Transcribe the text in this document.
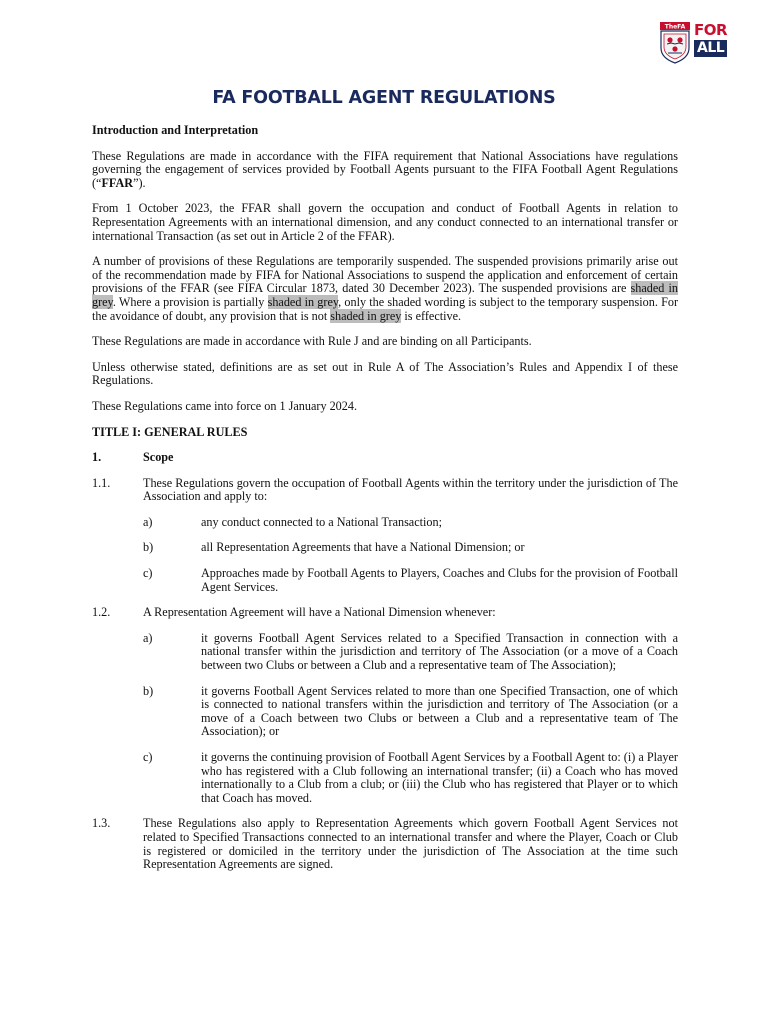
TheFA FOR
ALL
FA FOOTBALL AGENT REGULATIONS

Introduction and Interpretation

These Regulations are made in accordance with the FIFA requirement that National Associations have regulations governing the engagement of services provided by Football Agents pursuant to the FIFA Football Agent Regulations (“FFAR”).

From 1 October 2023, the FFAR shall govern the occupation and conduct of Football Agents in relation to Representation Agreements with an international dimension, and any conduct connected to an international transfer or international Transaction (as set out in Article 2 of the FFAR).

A number of provisions of these Regulations are temporarily suspended. The suspended provisions primarily arise out of the recommendation made by FIFA for National Associations to suspend the application and enforcement of certain provisions of the FFAR (see FIFA Circular 1873, dated 30 December 2023). The suspended provisions are shaded in grey. Where a provision is partially shaded in grey, only the shaded wording is subject to the temporary suspension. For the avoidance of doubt, any provision that is not shaded in grey is effective.

These Regulations are made in accordance with Rule J and are binding on all Participants.

Unless otherwise stated, definitions are as set out in Rule A of The Association’s Rules and Appendix I of these Regulations.

These Regulations came into force on 1 January 2024.

TITLE I: GENERAL RULES

1.	Scope
1.1.	These Regulations govern the occupation of Football Agents within the territory under the jurisdiction of The Association and apply to:
a)	any conduct connected to a National Transaction;
b)	all Representation Agreements that have a National Dimension; or
c)	Approaches made by Football Agents to Players, Coaches and Clubs for the provision of Football Agent Services.
1.2.	A Representation Agreement will have a National Dimension whenever:
a)	it governs Football Agent Services related to a Specified Transaction in connection with a national transfer within the jurisdiction and territory of The Association (or a move of a Coach between two Clubs or between a Club and a representative team of The Association);
b)	it governs Football Agent Services related to more than one Specified Transaction, one of which is connected to national transfers within the jurisdiction and territory of The Association (or a move of a Coach between two Clubs or between a Club and a representative team of The Association); or
c)	it governs the continuing provision of Football Agent Services by a Football Agent to: (i) a Player who has registered with a Club following an international transfer; (ii) a Coach who has moved internationally to a Club from a club; or (iii) the Club who has registered that Player or to which that Coach has moved.
1.3.	These Regulations also apply to Representation Agreements which govern Football Agent Services not related to Specified Transactions connected to an international transfer and where the Player, Coach or Club is registered or domiciled in the territory under the jurisdiction of The Association at the time such Representation Agreements are signed.
